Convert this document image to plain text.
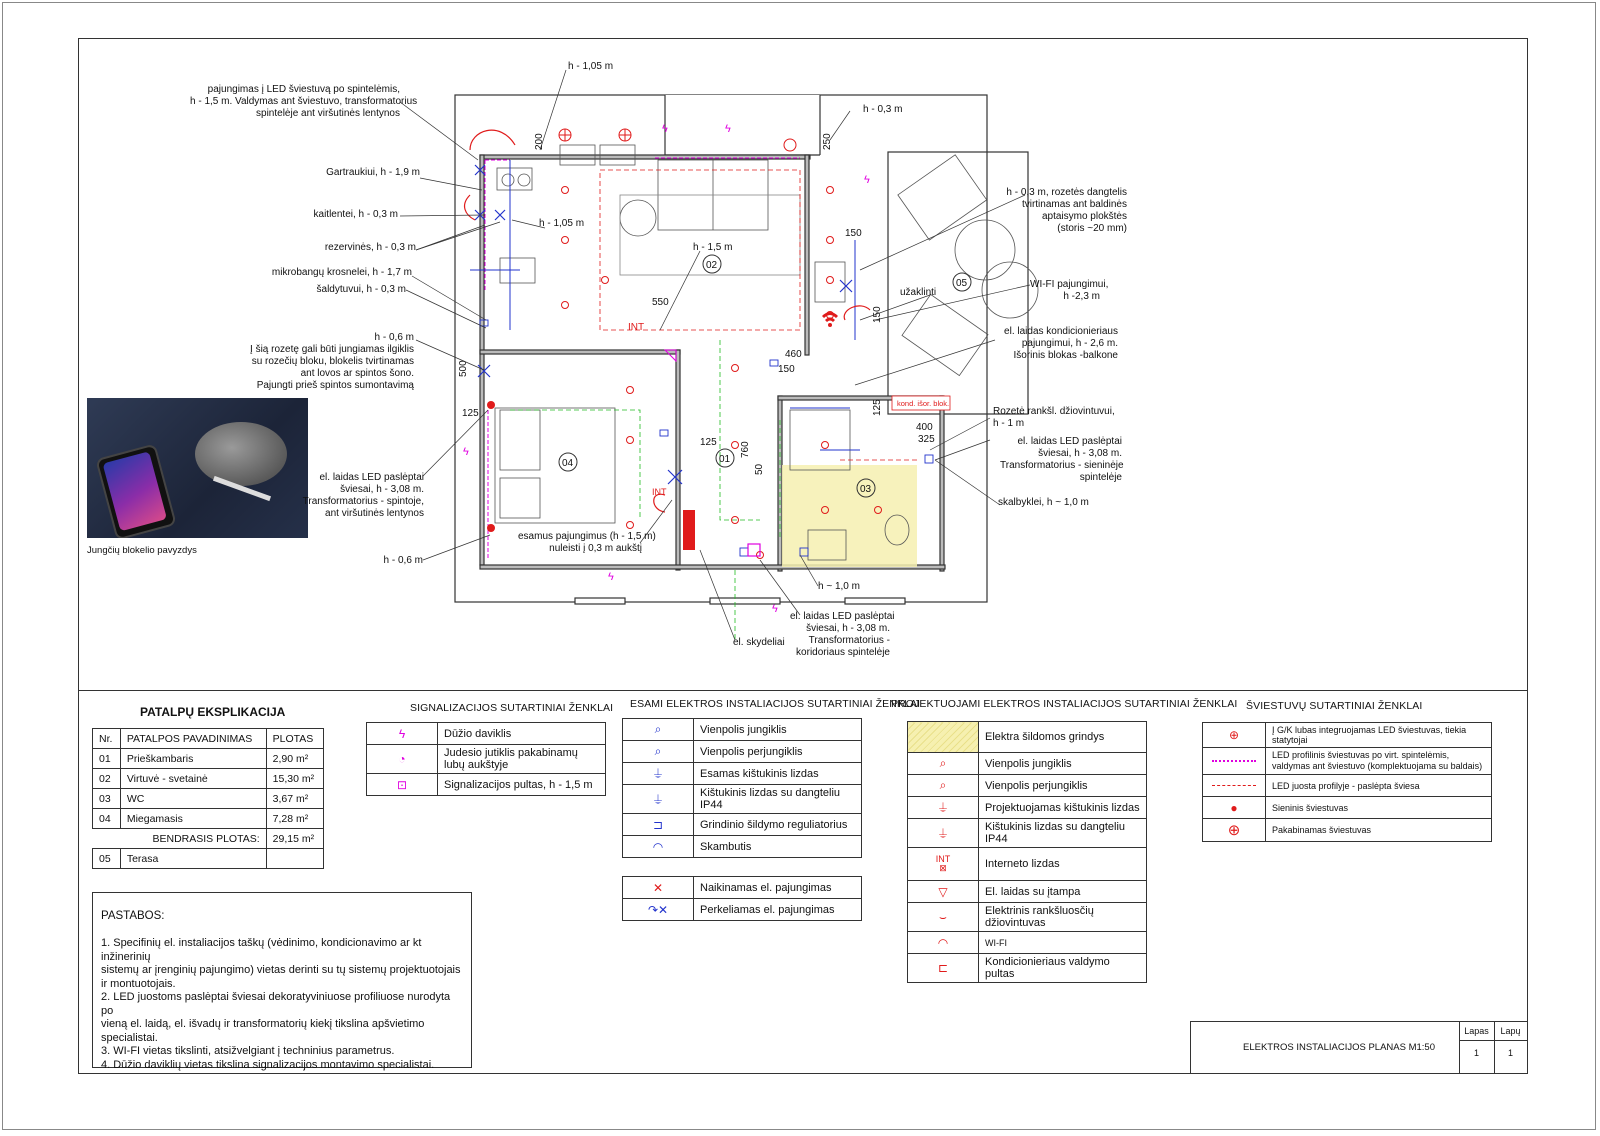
ϟ
ϟ
ϟ
ϟ
ϟ
ϟ
INT
INT
kond. išor. blok.
200	250
150
150
550
460
150
500
125
125 760
50
400
325
125
02
05
04	01
03
Jungčių blokelio pavyzdys
pajungimas į LED šviestuvą po spintelėmis,
h - 1,5 m. Valdymas ant šviestuvo, transformatorius
spintelėje ant viršutinės lentynos
Gartraukiui, h - 1,9 m
kaitlentei, h - 0,3 m
rezervinės, h - 0,3 m
mikrobangų krosnelei, h - 1,7 m
šaldytuvui, h - 0,3 m
h - 0,6 m
Į šią rozetę gali būti jungiamas ilgiklis
su rozečių bloku, blokelis tvirtinamas
ant lovos ar spintos šono.
Pajungti prieš spintos sumontavimą
el. laidas LED paslėptai
šviesai, h - 3,08 m.
Transformatorius - spintoje,
ant viršutinės lentynos
h - 0,6 m
esamus pajungimus (h - 1,5 m)
nuleisti į 0,3 m aukštį
el. skydeliai
el. laidas LED paslėptai
šviesai, h - 3,08 m.
Transformatorius -
koridoriaus spintelėje
h - 1,05 m
h - 0,3 m
h - 1,05 m
h - 1,5 m
h - 0,3 m, rozetės dangtelis
tvirtinamas ant baldinės
aptaisymo plokštės
(storis ~20 mm)
užaklinti
WI-FI pajungimui,
h -2,3 m
el. laidas kondicionieriaus
pajungimui, h - 2,6 m.
Išorinis blokas -balkone
Rozetė rankšl. džiovintuvui,
h - 1 m
el. laidas LED paslėptai
šviesai, h - 3,08 m.
Transformatorius - sieninėje
spintelėje
skalbyklei, h ~ 1,0 m
h ~ 1,0 m
PATALPŲ EKSPLIKACIJA
Nr.	PATALPOS PAVADINIMAS	PLOTAS
01	Prieškambaris	2,90 m²
02	Virtuvė - svetainė	15,30 m²
03	WC	3,67 m²
04	Miegamasis	7,28 m²
BENDRASIS PLOTAS:		29,15 m²
05	Terasa	
PASTABOS:
1. Specifinių el. instaliacijos taškų (vėdinimo, kondicionavimo ar kt inžinerinių
sistemų ar įrenginių pajungimo) vietas derinti su tų sistemų projektuotojais
ir montuotojais.
2. LED juostoms paslėptai šviesai dekoratyviniuose profiliuose nurodyta po
vieną el. laidą, el. išvadų ir transformatorių kiekį tikslina apšvietimo specialistai.
3. WI-FI vietas tikslinti, atsižvelgiant į techninius parametrus.
4. Dūžio daviklių vietas tikslina signalizacijos montavimo specialistai.
SIGNALIZACIJOS SUTARTINIAI ŽENKLAI
ϟ	Dūžio daviklis
◔	Judesio jutiklis pakabinamų lubų aukštyje
⊡	Signalizacijos pultas, h - 1,5 m
ESAMI ELEKTROS INSTALIACIJOS SUTARTINIAI ŽENKLAI
⌕	Vienpolis jungiklis
⌕	Vienpolis perjungiklis
⏚	Esamas kištukinis lizdas
⏚	Kištukinis lizdas su dangteliu IP44
⊐	Grindinio šildymo reguliatorius
◠	Skambutis
✕	Naikinamas el. pajungimas
↷✕	Perkeliamas el. pajungimas
PROJEKTUOJAMI ELEKTROS INSTALIACIJOS SUTARTINIAI ŽENKLAI
	Elektra šildomos grindys
⌕	Vienpolis jungiklis
⌕	Vienpolis perjungiklis
⏚	Projektuojamas kištukinis lizdas
⏚	Kištukinis lizdas su dangteliu IP44
INT
⊠	Interneto lizdas
▽	El. laidas su įtampa
⌣	Elektrinis rankšluosčių džiovintuvas
◠	WI-FI
⊏	Kondicionieriaus valdymo pultas
ŠVIESTUVŲ SUTARTINIAI ŽENKLAI
⊕	Į G/K lubas integruojamas LED šviestuvas, tiekia statytojai

	LED profilinis šviestuvas po virt. spintelėmis, valdymas ant šviestuvo (komplektuojama su baldais)

	LED juosta profilyje - paslėpta šviesa
●	Sieninis šviestuvas
⊕	Pakabinamas šviestuvas
ELEKTROS INSTALIACIJOS PLANAS M1:50
Lapas
1
Lapų
1
